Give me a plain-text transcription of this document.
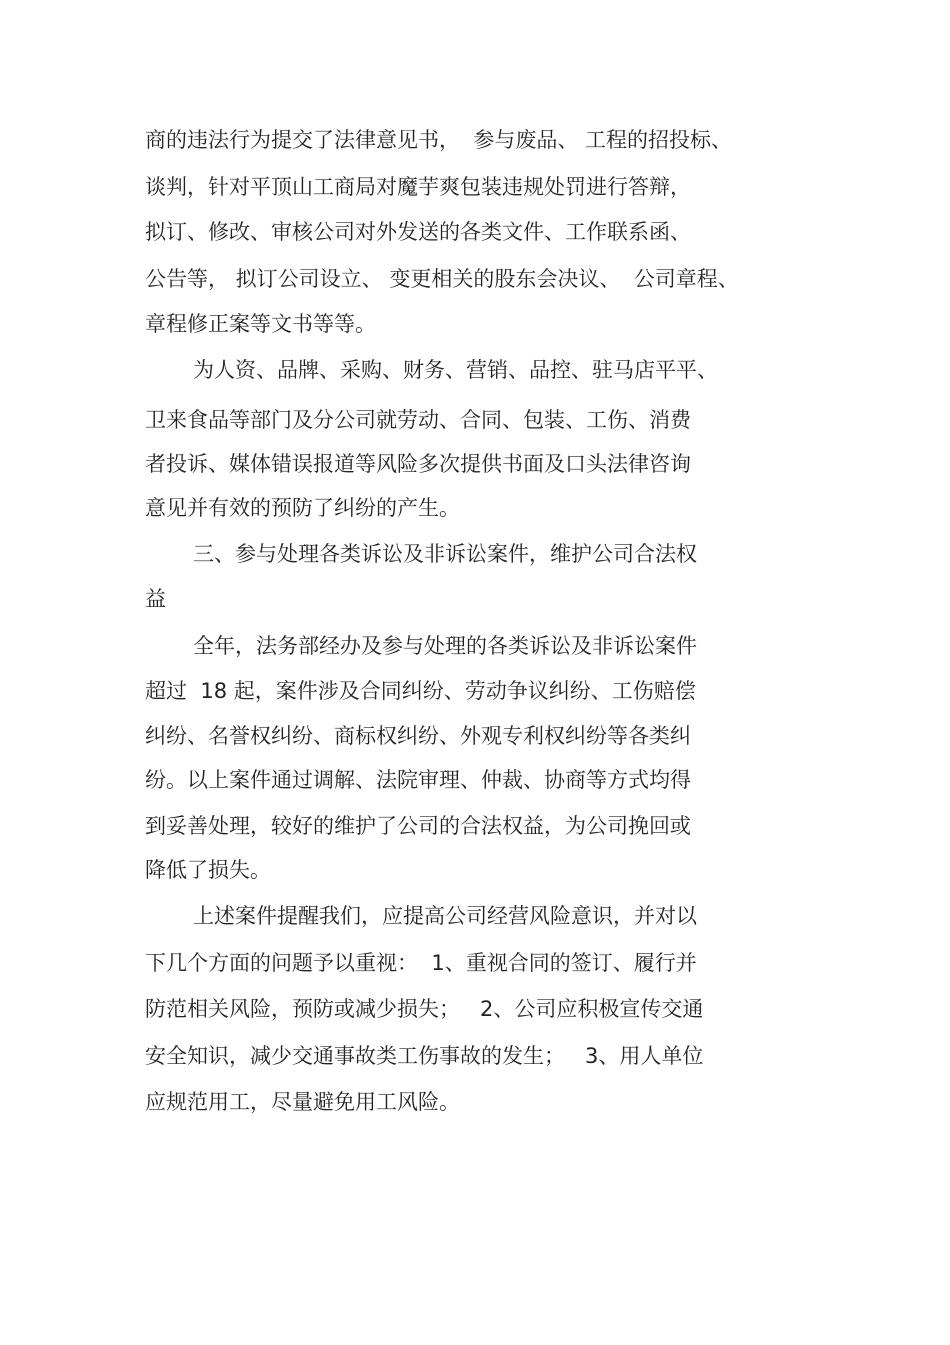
商的违法行为提交了法律意见书，  参与废品、 工程的招投标、
谈判，针对平顶山工商局对魔芋爽包装违规处罚进行答辩，
拟订、修改、审核公司对外发送的各类文件、工作联系函、
公告等， 拟订公司设立、 变更相关的股东会决议、  公司章程、
章程修正案等文书等等。
为人资、品牌、采购、财务、营销、品控、驻马店平平、
卫来食品等部门及分公司就劳动、合同、包装、工伤、消费
者投诉、媒体错误报道等风险多次提供书面及口头法律咨询
意见并有效的预防了纠纷的产生。
三、参与处理各类诉讼及非诉讼案件，维护公司合法权
益
全年，法务部经办及参与处理的各类诉讼及非诉讼案件
超过  18 起，案件涉及合同纠纷、劳动争议纠纷、工伤赔偿
纠纷、名誉权纠纷、商标权纠纷、外观专利权纠纷等各类纠
纷。以上案件通过调解、法院审理、仲裁、协商等方式均得
到妥善处理，较好的维护了公司的合法权益，为公司挽回或
降低了损失。
上述案件提醒我们，应提高公司经营风险意识，并对以
下几个方面的问题予以重视：  1、重视合同的签订、履行并
防范相关风险，预防或减少损失；   2、公司应积极宣传交通
安全知识，减少交通事故类工伤事故的发生；   3、用人单位
应规范用工，尽量避免用工风险。
